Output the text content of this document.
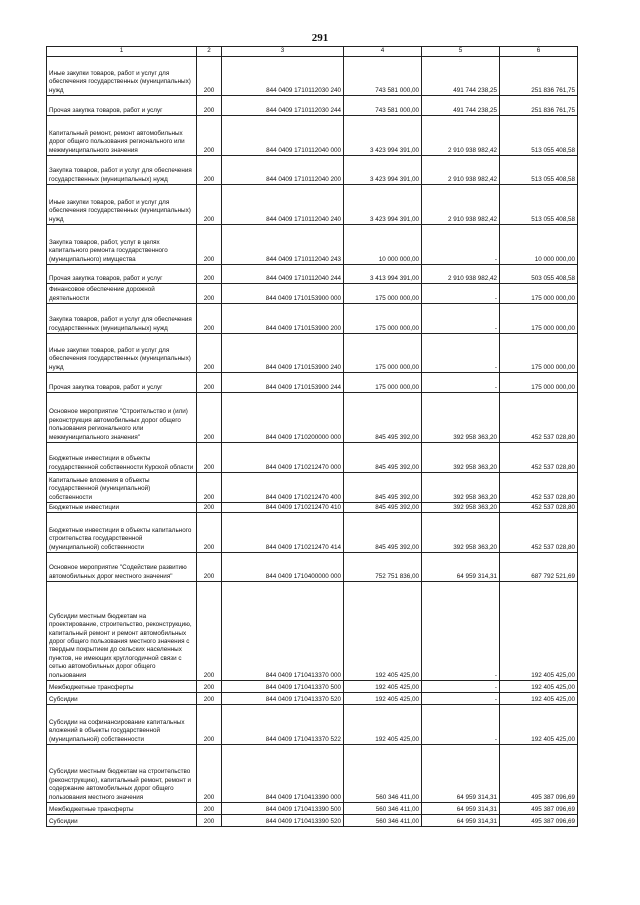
291
1	2	3	4	5	6
Иные закупки товаров, работ и услуг для обеспечения государственных (муниципальных) нужд	200	844 0409 1710112030 240	743 581 000,00	491 744 238,25	251 836 761,75
Прочая закупка товаров, работ и услуг	200	844 0409 1710112030 244	743 581 000,00	491 744 238,25	251 836 761,75
Капитальный ремонт, ремонт автомобильных дорог общего пользования регионального или межмуниципального значения	200	844 0409 1710112040 000	3 423 994 391,00	2 910 938 982,42	513 055 408,58
Закупка товаров, работ и услуг для обеспечения государственных (муниципальных) нужд	200	844 0409 1710112040 200	3 423 994 391,00	2 910 938 982,42	513 055 408,58
Иные закупки товаров, работ и услуг для обеспечения государственных (муниципальных) нужд	200	844 0409 1710112040 240	3 423 994 391,00	2 910 938 982,42	513 055 408,58
Закупка товаров, работ, услуг в целях капитального ремонта государственного (муниципального) имущества	200	844 0409 1710112040 243	10 000 000,00	-	10 000 000,00
Прочая закупка товаров, работ и услуг	200	844 0409 1710112040 244	3 413 994 391,00	2 910 938 982,42	503 055 408,58
Финансовое обеспечение дорожной деятельности	200	844 0409 1710153900 000	175 000 000,00	-	175 000 000,00
Закупка товаров, работ и услуг для обеспечения государственных (муниципальных) нужд	200	844 0409 1710153900 200	175 000 000,00	-	175 000 000,00
Иные закупки товаров, работ и услуг для обеспечения государственных (муниципальных) нужд	200	844 0409 1710153900 240	175 000 000,00	-	175 000 000,00
Прочая закупка товаров, работ и услуг	200	844 0409 1710153900 244	175 000 000,00	-	175 000 000,00
Основное мероприятие "Строительство и (или) реконструкция автомобильных дорог общего пользования регионального или межмуниципального значения"	200	844 0409 1710200000 000	845 495 392,00	392 958 363,20	452 537 028,80
Бюджетные инвестиции в объекты государственной собственности Курской области	200	844 0409 1710212470 000	845 495 392,00	392 958 363,20	452 537 028,80
Капитальные вложения в объекты государственной (муниципальной) собственности	200	844 0409 1710212470 400	845 495 392,00	392 958 363,20	452 537 028,80
Бюджетные инвестиции	200	844 0409 1710212470 410	845 495 392,00	392 958 363,20	452 537 028,80
Бюджетные инвестиции в объекты капитального строительства государственной (муниципальной) собственности	200	844 0409 1710212470 414	845 495 392,00	392 958 363,20	452 537 028,80
Основное мероприятие "Содействие развитию автомобильных дорог местного значения"	200	844 0409 1710400000 000	752 751 836,00	64 959 314,31	687 792 521,69
Субсидии местным бюджетам на проектирование, строительство, реконструкцию, капитальный ремонт и ремонт автомобильных дорог общего пользования местного значения с твердым покрытием до сельских населенных пунктов, не имеющих круглогодичной связи с сетью автомобильных дорог общего пользования	200	844 0409 1710413370 000	192 405 425,00	-	192 405 425,00
Межбюджетные трансферты	200	844 0409 1710413370 500	192 405 425,00	-	192 405 425,00
Субсидии	200	844 0409 1710413370 520	192 405 425,00	-	192 405 425,00
Субсидии на софинансирование капитальных вложений в объекты государственной (муниципальной) собственности	200	844 0409 1710413370 522	192 405 425,00	-	192 405 425,00
Субсидии местным бюджетам на строительство (реконструкцию), капитальный ремонт, ремонт и содержание автомобильных дорог общего пользования местного значения	200	844 0409 1710413390 000	560 346 411,00	64 959 314,31	495 387 096,69
Межбюджетные трансферты	200	844 0409 1710413390 500	560 346 411,00	64 959 314,31	495 387 096,69
Субсидии	200	844 0409 1710413390 520	560 346 411,00	64 959 314,31	495 387 096,69
